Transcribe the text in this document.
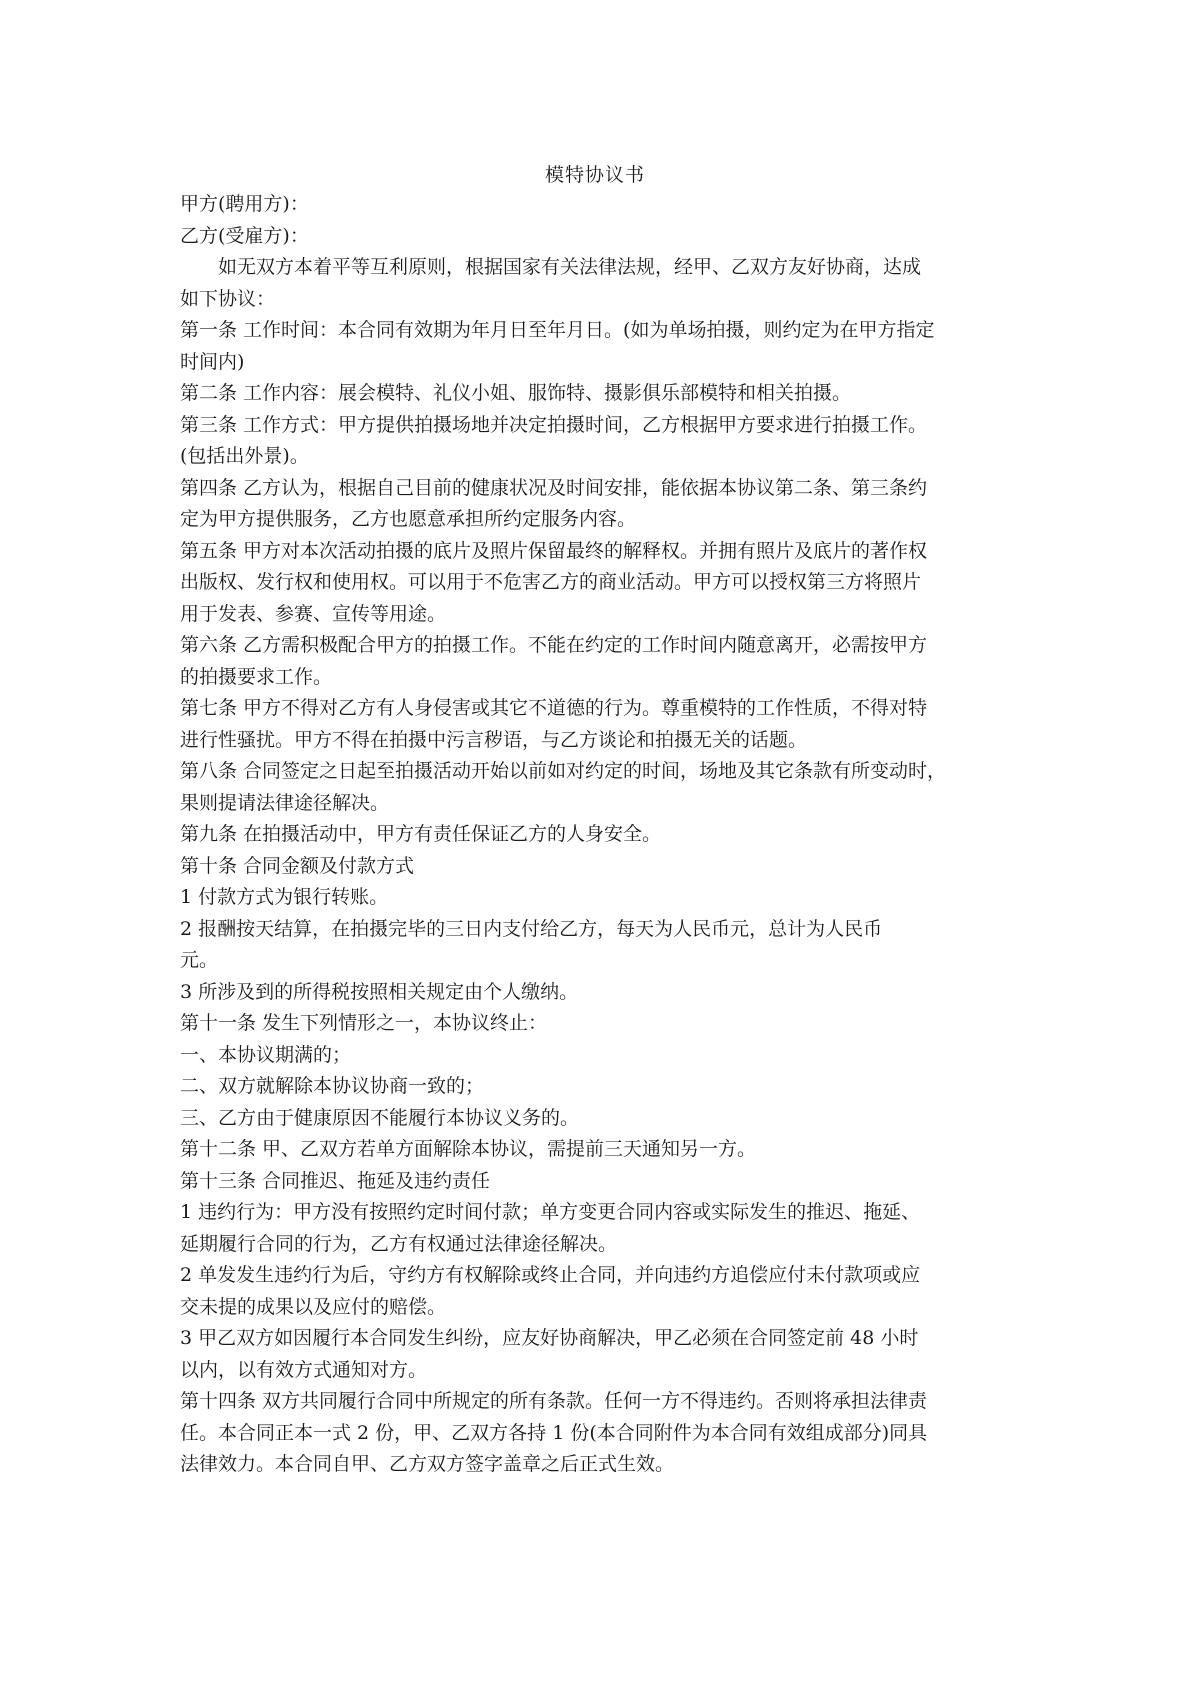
模特协议书
甲方(聘用方)：
乙方(受雇方)：
如无双方本着平等互利原则，根据国家有关法律法规，经甲、乙双方友好协商，达成
如下协议：
第一条 工作时间：本合同有效期为年月日至年月日。(如为单场拍摄，则约定为在甲方指定
时间内)
第二条 工作内容：展会模特、礼仪小姐、服饰特、摄影俱乐部模特和相关拍摄。
第三条 工作方式：甲方提供拍摄场地并决定拍摄时间，乙方根据甲方要求进行拍摄工作。
(包括出外景)。
第四条 乙方认为，根据自己目前的健康状况及时间安排，能依据本协议第二条、第三条约
定为甲方提供服务，乙方也愿意承担所约定服务内容。
第五条 甲方对本次活动拍摄的底片及照片保留最终的解释权。并拥有照片及底片的著作权
出版权、发行权和使用权。可以用于不危害乙方的商业活动。甲方可以授权第三方将照片
用于发表、参赛、宣传等用途。
第六条 乙方需积极配合甲方的拍摄工作。不能在约定的工作时间内随意离开，必需按甲方
的拍摄要求工作。
第七条 甲方不得对乙方有人身侵害或其它不道德的行为。尊重模特的工作性质，不得对特
进行性骚扰。甲方不得在拍摄中污言秽语，与乙方谈论和拍摄无关的话题。
第八条 合同签定之日起至拍摄活动开始以前如对约定的时间，场地及其它条款有所变动时，
果则提请法律途径解决。
第九条 在拍摄活动中，甲方有责任保证乙方的人身安全。
第十条 合同金额及付款方式
1 付款方式为银行转账。
2 报酬按天结算，在拍摄完毕的三日内支付给乙方，每天为人民币元，总计为人民币
元。
3 所涉及到的所得税按照相关规定由个人缴纳。
第十一条 发生下列情形之一，本协议终止：
一、本协议期满的；
二、双方就解除本协议协商一致的；
三、乙方由于健康原因不能履行本协议义务的。
第十二条 甲、乙双方若单方面解除本协议，需提前三天通知另一方。
第十三条 合同推迟、拖延及违约责任
1 违约行为：甲方没有按照约定时间付款；单方变更合同内容或实际发生的推迟、拖延、
延期履行合同的行为，乙方有权通过法律途径解决。
2 单发发生违约行为后，守约方有权解除或终止合同，并向违约方追偿应付未付款项或应
交未提的成果以及应付的赔偿。
3 甲乙双方如因履行本合同发生纠纷，应友好协商解决，甲乙必须在合同签定前 48 小时
以内，以有效方式通知对方。
第十四条 双方共同履行合同中所规定的所有条款。任何一方不得违约。否则将承担法律责
任。本合同正本一式 2 份，甲、乙双方各持 1 份(本合同附件为本合同有效组成部分)同具
法律效力。本合同自甲、乙方双方签字盖章之后正式生效。
